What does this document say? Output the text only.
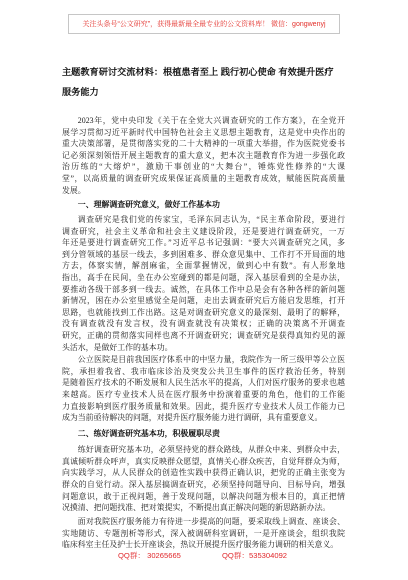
关注头条号“公文研究”，获得最新最全最专业的公文资料库！ 微信：gongwenyj
主题教育研讨交流材料：根植患者至上 践行初心使命 有效提升医疗
服务能力
2023年，党中央印发《关于在全党大兴调查研究的工作方案》，在全党开
展学习贯彻习近平新时代中国特色社会主义思想主题教育，这是党中央作出的
重大决策部署，是贯彻落实党的二十大精神的一项重大举措，作为医院党委书
记必须深刻领悟开展主题教育的重大意义，把本次主题教育作为进一步强化政
治历练的“大熔炉”，激励干事创业的“大舞台”，锤炼党性修养的“大课
堂”，以高质量的调查研究成果保证高质量的主题教育成效，赋能医院高质量
发展。
一、理解调查研究意义，做好工作基本功
调查研究是我们党的传家宝，毛泽东同志认为，“民主革命阶段，要进行
调查研究，社会主义革命和社会主义建设阶段，还是要进行调查研究，一万
年还是要进行调查研究工作。”习近平总书记强调：“要大兴调查研究之风，多
到分管领域的基层一线去，多到困难多、群众意见集中、工作打不开局面的地
方去，体察实情，解剖麻雀，全面掌握情况，做到心中有数”。有人形象地
指出，高手在民间，坐在办公室碰到的都是问题，深入基层看到的全是办法，
要推动各级干部多到一线去。诚然，在具体工作中总是会有各种各样的新问题
新情况，困在办公室里感觉全是问题，走出去调查研究后方能启发思维，打开
思路，也就能找到工作出路。这是对调查研究意义的最深刻、最明了的解释，
没有调查就没有发言权，没有调查就没有决策权；正确的决策离不开调查
研究，正确的贯彻落实同样也离不开调查研究；调查研究是获得真知灼见的源
头活水，是做好工作的基本功。
公立医院是目前我国医疗体系中的中坚力量，我院作为一所三级甲等公立医
院，承担着我省、我市临床诊治及突发公共卫生事件的医疗救治任务，特别
是随着医疗技术的不断发展和人民生活水平的提高，人们对医疗服务的要求也越
来越高。医疗专业技术人员在医疗服务中扮演着重要的角色，他们的工作能
力直接影响到医疗服务质量和效果。因此，提升医疗专业技术人员工作能力已
成为当前亟待解决的问题，对提升医疗服务能力进行调研，具有重要意义。
二、练好调查研究基本功，积极履职尽责
练好调查研究基本功，必须坚持党的群众路线，从群众中来、到群众中去，
真诚倾听群众呼声，真实反映群众愿望，真情关心群众疾苦，自觉拜群众为师，
向实践学习，从人民群众的创造性实践中获得正确认识，把党的正确主张变为
群众的自觉行动。深入基层搞调查研究，必须坚持问题导向、目标导向，增强
问题意识，敢于正视问题，善于发现问题，以解决问题为根本目的，真正把情
况摸清、把问题找准、把对策提实，不断提出真正解决问题的新思路新办法。
面对我院医疗服务能力有待进一步提高的问题，要采取线上调查、座谈会、
实地随访、专题剖析等形式，深入被调研科室调研，一是开座谈会，组织我院
临床科室主任及护士长开座谈会，热议开展提升医疗服务能力调研的相关意义。
QQ群： 30265665	QQ群：535304092
